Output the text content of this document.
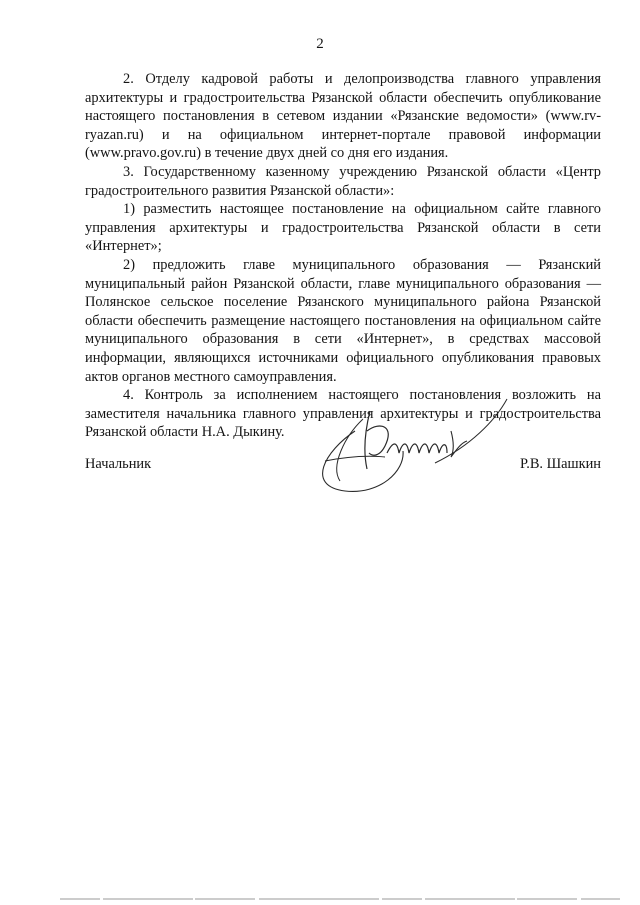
2

2. Отделу кадровой работы и делопроизводства главного управления архитектуры и градостроительства Рязанской области обеспечить опубликование настоящего постановления в сетевом издании «Рязанские ведомости» (www.rv-ryazan.ru) и на официальном интернет-портале правовой информации (www.pravo.gov.ru) в течение двух дней со дня его издания.

3. Государственному казенному учреждению Рязанской области «Центр градостроительного развития Рязанской области»:

1) разместить настоящее постановление на официальном сайте главного управления архитектуры и градостроительства Рязанской области в сети «Интернет»;

2) предложить главе муниципального образования — Рязанский муниципальный район Рязанской области, главе муниципального образования — Полянское сельское поселение Рязанского муниципального района Рязанской области обеспечить размещение настоящего постановления на официальном сайте муниципального образования в сети «Интернет», в средствах массовой информации, являющихся источниками официального опубликования правовых актов органов местного самоуправления.

4. Контроль за исполнением настоящего постановления возложить на заместителя начальника главного управления архитектуры и градостроительства Рязанской области Н.А. Дыкину.

Начальник	Р.В. Шашкин
